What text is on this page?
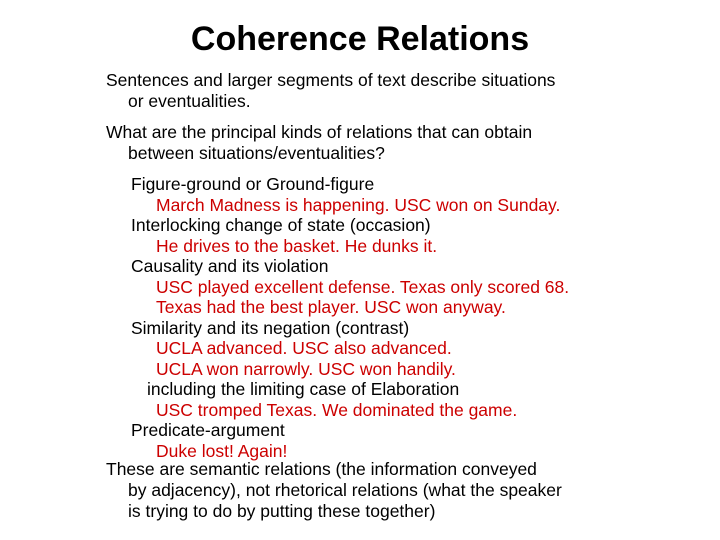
Coherence Relations

Sentences and larger segments of text describe situations
or eventualities.

What are the principal kinds of relations that can obtain
between situations/eventualities?

Figure-ground or Ground-figure
March Madness is happening. USC won on Sunday.
Interlocking change of state (occasion)
He drives to the basket. He dunks it.
Causality and its violation
USC played excellent defense. Texas only scored 68.
Texas had the best player. USC won anyway.
Similarity and its negation (contrast)
UCLA advanced. USC also advanced.
UCLA won narrowly. USC won handily.
including the limiting case of Elaboration
USC tromped Texas. We dominated the game.
Predicate-argument
Duke lost! Again!

These are semantic relations (the information conveyed
by adjacency), not rhetorical relations (what the speaker
is trying to do by putting these together)
